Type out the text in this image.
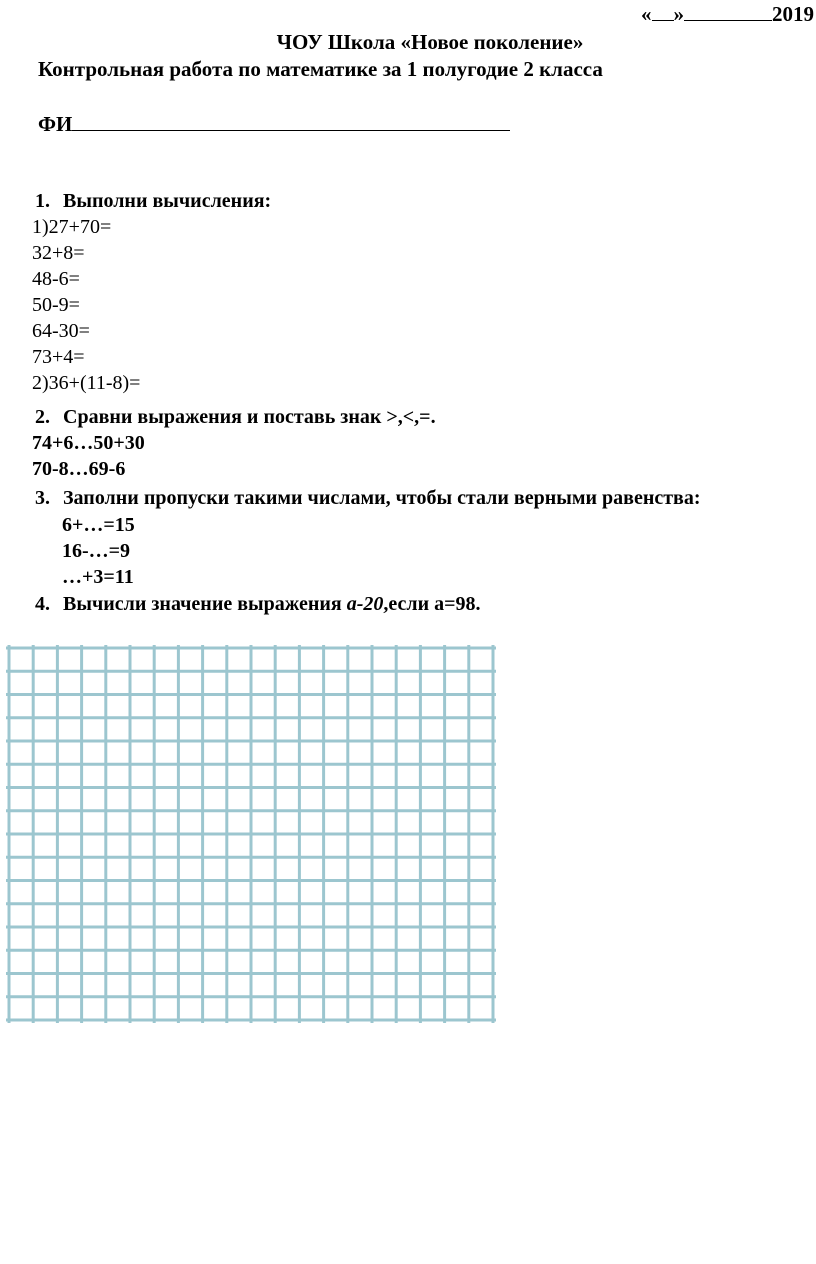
« »	2019
ЧОУ Школа «Новое поколение»
Контрольная работа по математике за 1 полугодие 2 класса
ФИ
1. Выполни вычисления:
1)27+70=
32+8=
48-6=
50-9=
64-30=
73+4=
2)36+(11-8)=
2. Сравни выражения и поставь знак >,<,=.
74+6…50+30
70-8…69-6
3. Заполни пропуски такими числами, чтобы стали верными равенства:
6+…=15
16-…=9
…+3=11
4. Вычисли значение выражения а-20,если а=98.
